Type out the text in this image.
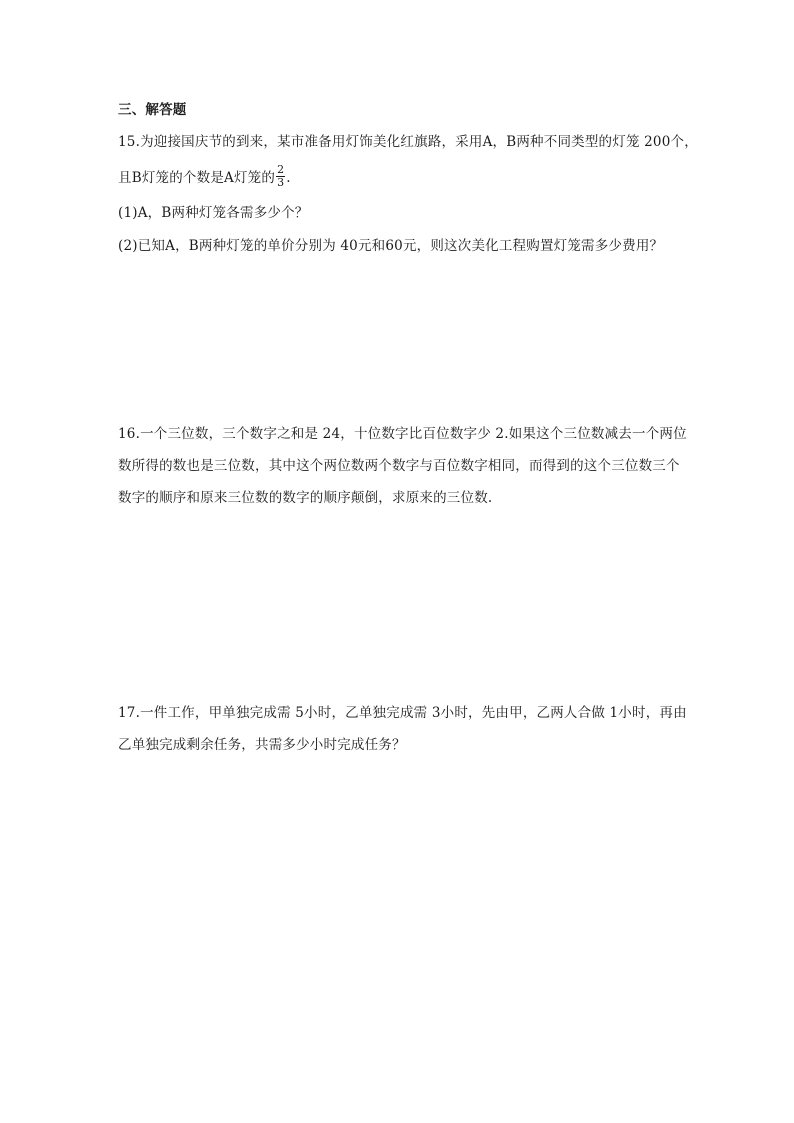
三、解答题
15.为迎接国庆节的到来，某市准备用灯饰美化红旗路，采用A，B两种不同类型的灯笼 200个，
且B灯笼的个数是A灯笼的 $\frac{2}{3}$ .
(1)A，B两种灯笼各需多少个？
(2)已知A，B两种灯笼的单价分别为 40元和60元，则这次美化工程购置灯笼需多少费用？
16.一个三位数，三个数字之和是 24，十位数字比百位数字少 2.如果这个三位数减去一个两位
数所得的数也是三位数，其中这个两位数两个数字与百位数字相同，而得到的这个三位数三个
数字的顺序和原来三位数的数字的顺序颠倒，求原来的三位数.
17.一件工作，甲单独完成需 5小时，乙单独完成需 3小时，先由甲，乙两人合做 1小时，再由
乙单独完成剩余任务，共需多少小时完成任务？
